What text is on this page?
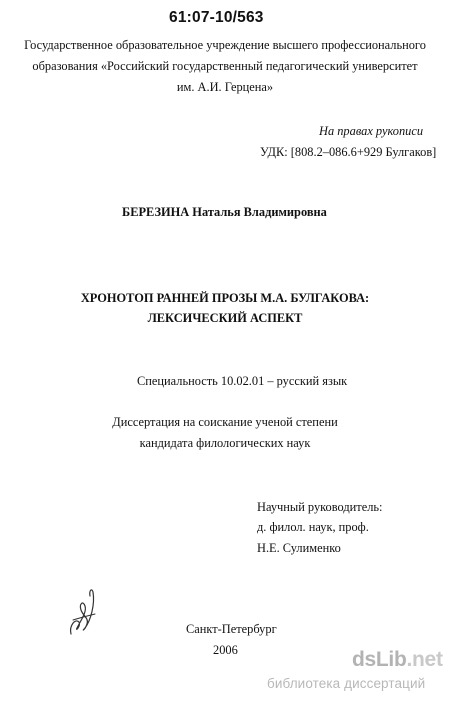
61:07-10/563
Государственное образовательное учреждение высшего профессионального
образования «Российский государственный педагогический университет
им. А.И. Герцена»
На правах рукописи
УДК: [808.2–086.6+929 Булгаков]
БЕРЕЗИНА Наталья Владимировна
ХРОНОТОП РАННЕЙ ПРОЗЫ М.А. БУЛГАКОВА:
ЛЕКСИЧЕСКИЙ АСПЕКТ
Специальность 10.02.01 – русский язык
Диссертация на соискание ученой степени
кандидата филологических наук
Научный руководитель:
д. филол. наук, проф.
Н.Е. Сулименко
Санкт-Петербург
2006	dsLib.net
библиотека диссертаций
